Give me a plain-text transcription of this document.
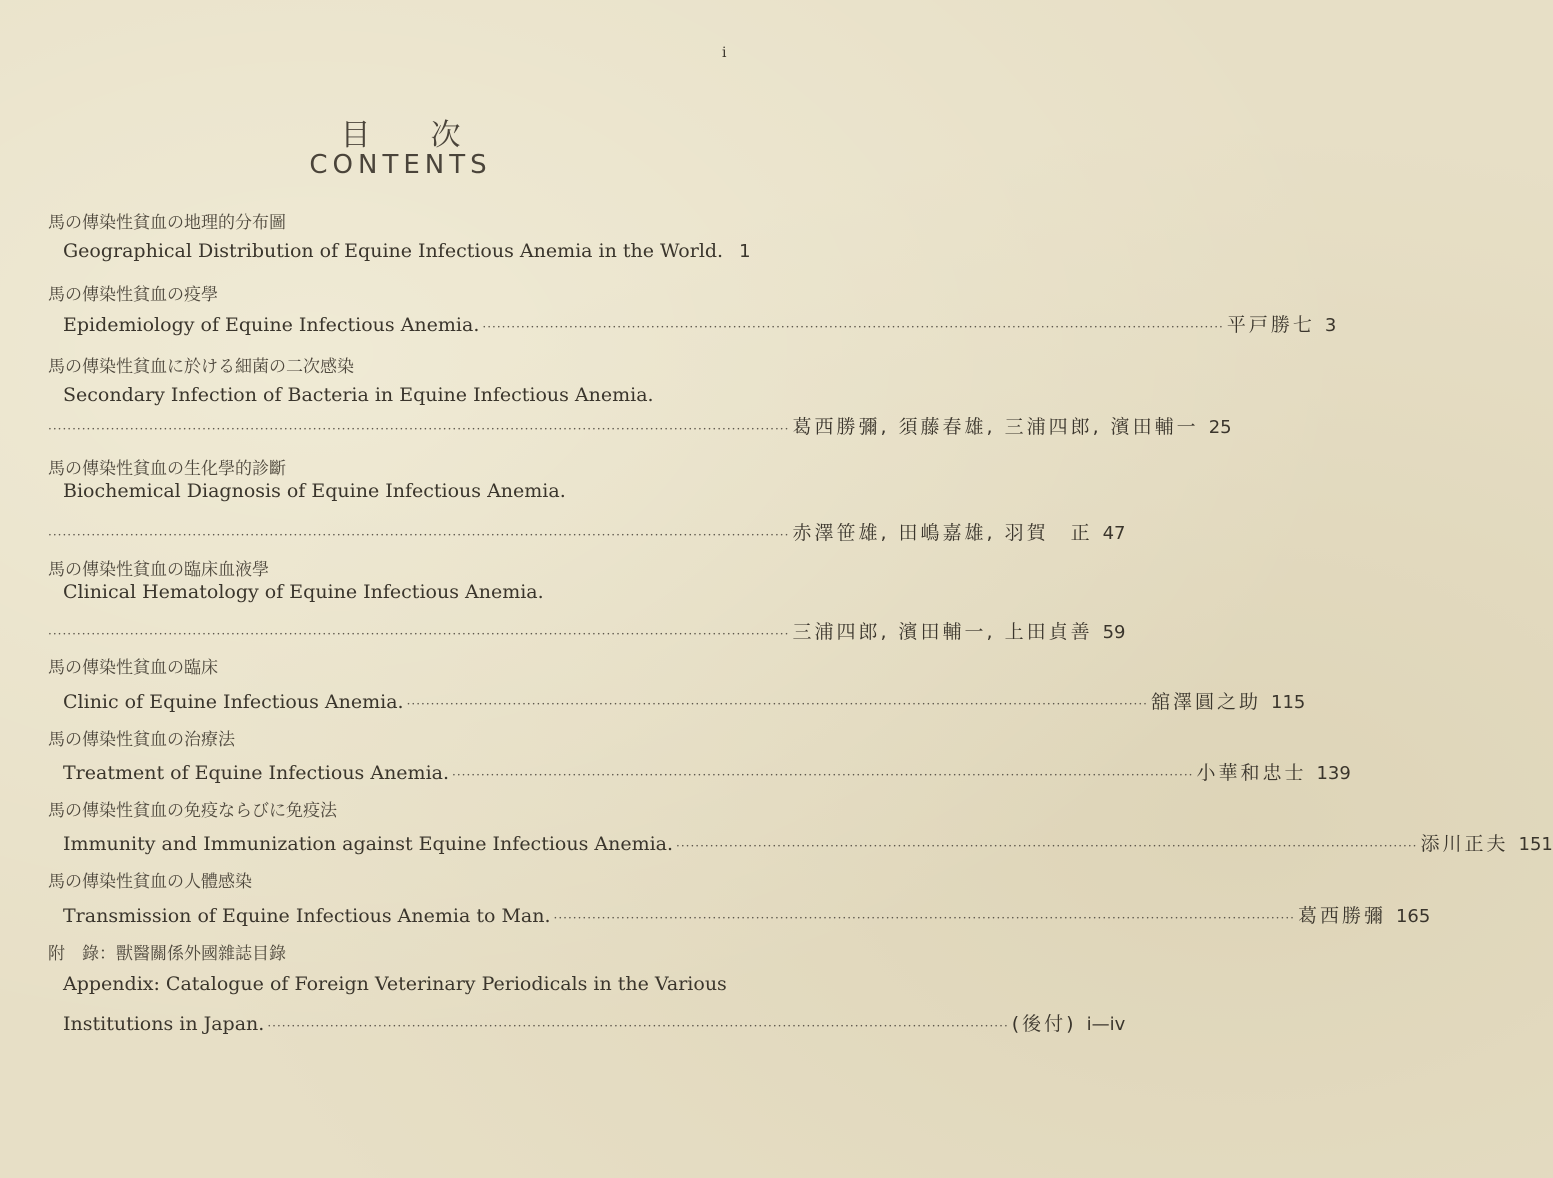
i
目次
CONTENTS
馬の傳染性貧血の地理的分布圖
Geographical Distribution of Equine Infectious Anemia in the World. 1
馬の傳染性貧血の疫學
Epidemiology of Equine Infectious Anemia. ·····	平戸勝七 3
馬の傳染性貧血に於ける細菌の二次感染
Secondary Infection of Bacteria in Equine Infectious Anemia.
·····
葛西勝彌, 須藤春雄, 三浦四郎, 濱田輔一 25
馬の傳染性貧血の生化學的診斷
Biochemical Diagnosis of Equine Infectious Anemia.
·····
赤澤笹雄, 田嶋嘉雄, 羽賀　正 47
馬の傳染性貧血の臨床血液學
Clinical Hematology of Equine Infectious Anemia.
·····
三浦四郎, 濱田輔一, 上田貞善 59
馬の傳染性貧血の臨床
Clinic of Equine Infectious Anemia. ·····	舘澤圓之助 115
馬の傳染性貧血の治療法
Treatment of Equine Infectious Anemia. ·····	小華和忠士 139
馬の傳染性貧血の免疫ならびに免疫法
Immunity and Immunization against Equine Infectious Anemia. ·····	添川正夫 151
馬の傳染性貧血の人體感染
Transmission of Equine Infectious Anemia to Man. ·····	葛西勝彌 165
附　錄：獸醫關係外國雜誌目錄
Appendix: Catalogue of Foreign Veterinary Periodicals in the Various
Institutions in Japan. ·····	(後付) i—iv
